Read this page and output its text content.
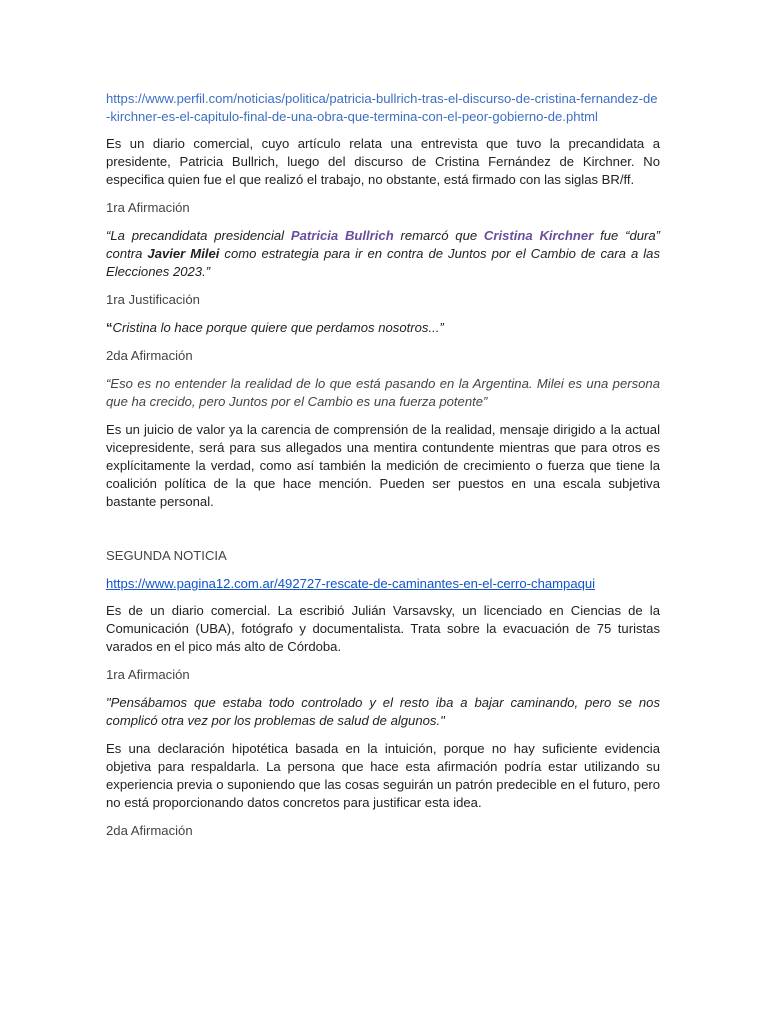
https://www.perfil.com/noticias/politica/patricia-bullrich-tras-el-discurso-de-cristina-fernandez-de-kirchner-es-el-capitulo-final-de-una-obra-que-termina-con-el-peor-gobierno-de.phtml

Es un diario comercial, cuyo artículo relata una entrevista que tuvo la precandidata a presidente, Patricia Bullrich, luego del discurso de Cristina Fernández de Kirchner. No especifica quien fue el que realizó el trabajo, no obstante, está firmado con las siglas BR/ff.

1ra Afirmación

“La precandidata presidencial Patricia Bullrich remarcó que Cristina Kirchner fue “dura” contra Javier Milei como estrategia para ir en contra de Juntos por el Cambio de cara a las Elecciones 2023.”

1ra Justificación

“Cristina lo hace porque quiere que perdamos nosotros...”

2da Afirmación

“Eso es no entender la realidad de lo que está pasando en la Argentina. Milei es una persona que ha crecido, pero Juntos por el Cambio es una fuerza potente”

Es un juicio de valor ya la carencia de comprensión de la realidad, mensaje dirigido a la actual vicepresidente, será para sus allegados una mentira contundente mientras que para otros es explícitamente la verdad, como así también la medición de crecimiento o fuerza que tiene la coalición política de la que hace mención. Pueden ser puestos en una escala subjetiva bastante personal.

SEGUNDA NOTICIA

https://www.pagina12.com.ar/492727-rescate-de-caminantes-en-el-cerro-champaqui

Es de un diario comercial. La escribió Julián Varsavsky, un licenciado en Ciencias de la Comunicación (UBA), fotógrafo y documentalista. Trata sobre la evacuación de 75 turistas varados en el pico más alto de Córdoba.

1ra Afirmación

"Pensábamos que estaba todo controlado y el resto iba a bajar caminando, pero se nos complicó otra vez por los problemas de salud de algunos."

Es una declaración hipotética basada en la intuición, porque no hay suficiente evidencia objetiva para respaldarla. La persona que hace esta afirmación podría estar utilizando su experiencia previa o suponiendo que las cosas seguirán un patrón predecible en el futuro, pero no está proporcionando datos concretos para justificar esta idea.

2da Afirmación
